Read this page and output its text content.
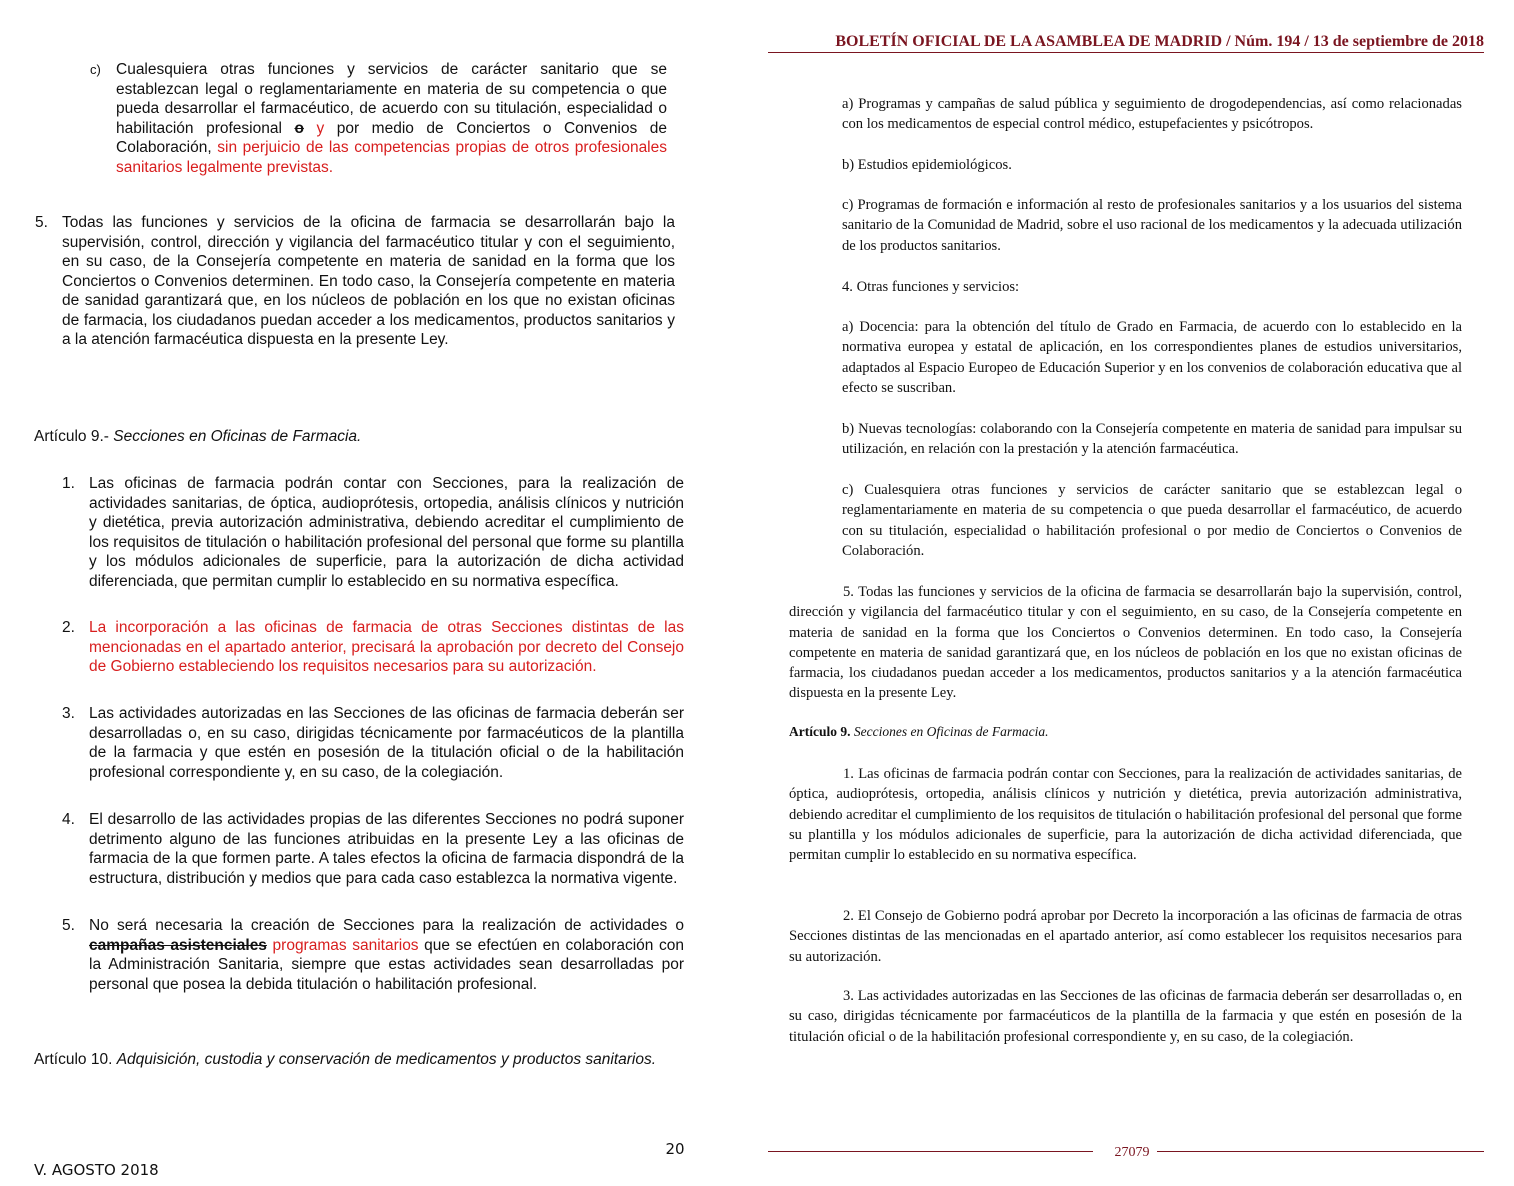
c) Cualesquiera otras funciones y servicios de carácter sanitario que se establezcan legal o reglamentariamente en materia de su competencia o que pueda desarrollar el farmacéutico, de acuerdo con su titulación, especialidad o habilitación profesional o y por medio de Conciertos o Convenios de Colaboración, sin perjuicio de las competencias propias de otros profesionales sanitarios legalmente previstas.
5. Todas las funciones y servicios de la oficina de farmacia se desarrollarán bajo la supervisión, control, dirección y vigilancia del farmacéutico titular y con el seguimiento, en su caso, de la Consejería competente en materia de sanidad en la forma que los Conciertos o Convenios determinen. En todo caso, la Consejería competente en materia de sanidad garantizará que, en los núcleos de población en los que no existan oficinas de farmacia, los ciudadanos puedan acceder a los medicamentos, productos sanitarios y a la atención farmacéutica dispuesta en la presente Ley.
Artículo 9.- Secciones en Oficinas de Farmacia.
1. Las oficinas de farmacia podrán contar con Secciones, para la realización de actividades sanitarias, de óptica, audioprótesis, ortopedia, análisis clínicos y nutrición y dietética, previa autorización administrativa, debiendo acreditar el cumplimiento de los requisitos de titulación o habilitación profesional del personal que forme su plantilla y los módulos adicionales de superficie, para la autorización de dicha actividad diferenciada, que permitan cumplir lo establecido en su normativa específica.
2. La incorporación a las oficinas de farmacia de otras Secciones distintas de las mencionadas en el apartado anterior, precisará la aprobación por decreto del Consejo de Gobierno estableciendo los requisitos necesarios para su autorización.
3. Las actividades autorizadas en las Secciones de las oficinas de farmacia deberán ser desarrolladas o, en su caso, dirigidas técnicamente por farmacéuticos de la plantilla de la farmacia y que estén en posesión de la titulación oficial o de la habilitación profesional correspondiente y, en su caso, de la colegiación.
4. El desarrollo de las actividades propias de las diferentes Secciones no podrá suponer detrimento alguno de las funciones atribuidas en la presente Ley a las oficinas de farmacia de la que formen parte. A tales efectos la oficina de farmacia dispondrá de la estructura, distribución y medios que para cada caso establezca la normativa vigente.
5. No será necesaria la creación de Secciones para la realización de actividades o campañas asistenciales programas sanitarios que se efectúen en colaboración con la Administración Sanitaria, siempre que estas actividades sean desarrolladas por personal que posea la debida titulación o habilitación profesional.
Artículo 10. Adquisición, custodia y conservación de medicamentos y productos sanitarios.
20
V. AGOSTO 2018
BOLETÍN OFICIAL DE LA ASAMBLEA DE MADRID / Núm. 194 / 13 de septiembre de 2018
a) Programas y campañas de salud pública y seguimiento de drogodependencias, así como relacionadas con los medicamentos de especial control médico, estupefacientes y psicótropos.
b) Estudios epidemiológicos.
c) Programas de formación e información al resto de profesionales sanitarios y a los usuarios del sistema sanitario de la Comunidad de Madrid, sobre el uso racional de los medicamentos y la adecuada utilización de los productos sanitarios.
4. Otras funciones y servicios:
a) Docencia: para la obtención del título de Grado en Farmacia, de acuerdo con lo establecido en la normativa europea y estatal de aplicación, en los correspondientes planes de estudios universitarios, adaptados al Espacio Europeo de Educación Superior y en los convenios de colaboración educativa que al efecto se suscriban.
b) Nuevas tecnologías: colaborando con la Consejería competente en materia de sanidad para impulsar su utilización, en relación con la prestación y la atención farmacéutica.
c) Cualesquiera otras funciones y servicios de carácter sanitario que se establezcan legal o reglamentariamente en materia de su competencia o que pueda desarrollar el farmacéutico, de acuerdo con su titulación, especialidad o habilitación profesional o por medio de Conciertos o Convenios de Colaboración.
5. Todas las funciones y servicios de la oficina de farmacia se desarrollarán bajo la supervisión, control, dirección y vigilancia del farmacéutico titular y con el seguimiento, en su caso, de la Consejería competente en materia de sanidad en la forma que los Conciertos o Convenios determinen. En todo caso, la Consejería competente en materia de sanidad garantizará que, en los núcleos de población en los que no existan oficinas de farmacia, los ciudadanos puedan acceder a los medicamentos, productos sanitarios y a la atención farmacéutica dispuesta en la presente Ley.
Artículo 9. Secciones en Oficinas de Farmacia.
1. Las oficinas de farmacia podrán contar con Secciones, para la realización de actividades sanitarias, de óptica, audioprótesis, ortopedia, análisis clínicos y nutrición y dietética, previa autorización administrativa, debiendo acreditar el cumplimiento de los requisitos de titulación o habilitación profesional del personal que forme su plantilla y los módulos adicionales de superficie, para la autorización de dicha actividad diferenciada, que permitan cumplir lo establecido en su normativa específica.
2. El Consejo de Gobierno podrá aprobar por Decreto la incorporación a las oficinas de farmacia de otras Secciones distintas de las mencionadas en el apartado anterior, así como establecer los requisitos necesarios para su autorización.
3. Las actividades autorizadas en las Secciones de las oficinas de farmacia deberán ser desarrolladas o, en su caso, dirigidas técnicamente por farmacéuticos de la plantilla de la farmacia y que estén en posesión de la titulación oficial o de la habilitación profesional correspondiente y, en su caso, de la colegiación.
27079
